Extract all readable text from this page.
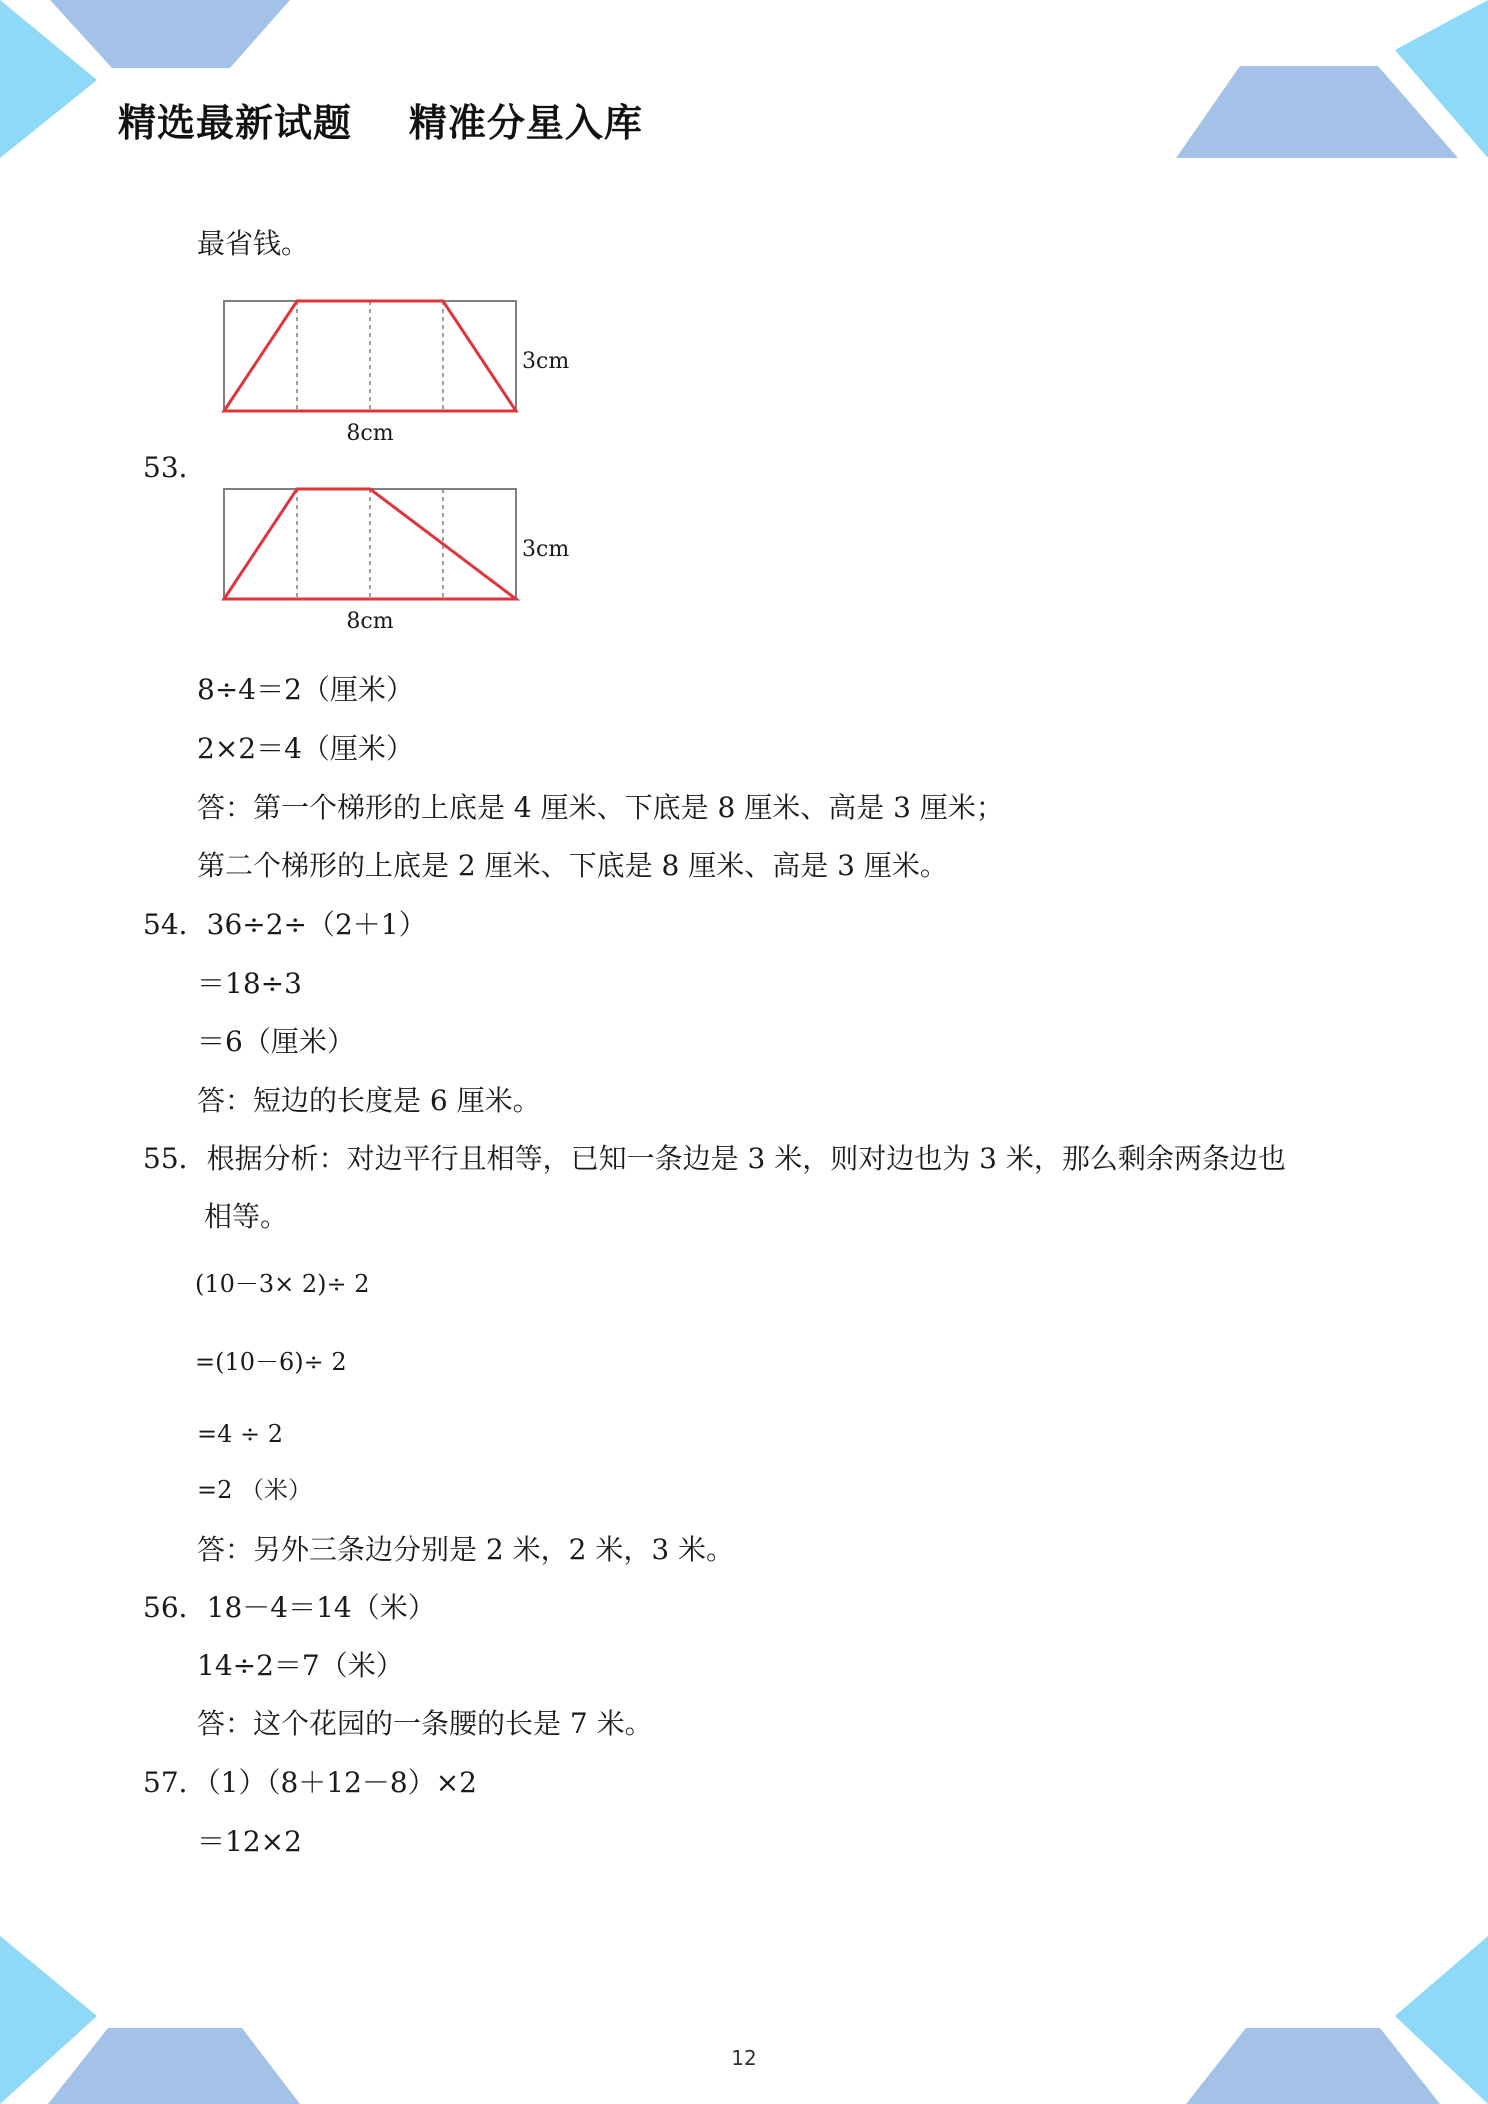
精选最新试题    精准分星入库
最省钱。
3cm
8cm
53．
3cm
8cm
8÷4＝2（厘米）
2×2＝4（厘米）
答：第一个梯形的上底是 4 厘米、下底是 8 厘米、高是 3 厘米；
第二个梯形的上底是 2 厘米、下底是 8 厘米、高是 3 厘米。
54．36÷2÷（2＋1）
＝18÷3
＝6（厘米）
答：短边的长度是 6 厘米。
55．根据分析：对边平行且相等，已知一条边是 3 米，则对边也为 3 米，那么剩余两条边也
相等。
(10－3× 2)÷ 2
=(10－6)÷ 2
=4 ÷ 2
=2 （米）
答：另外三条边分别是 2 米，2 米，3 米。
56．18－4＝14（米）
14÷2＝7（米）
答：这个花园的一条腰的长是 7 米。
57．（1）（8＋12－8）×2
＝12×2
12
